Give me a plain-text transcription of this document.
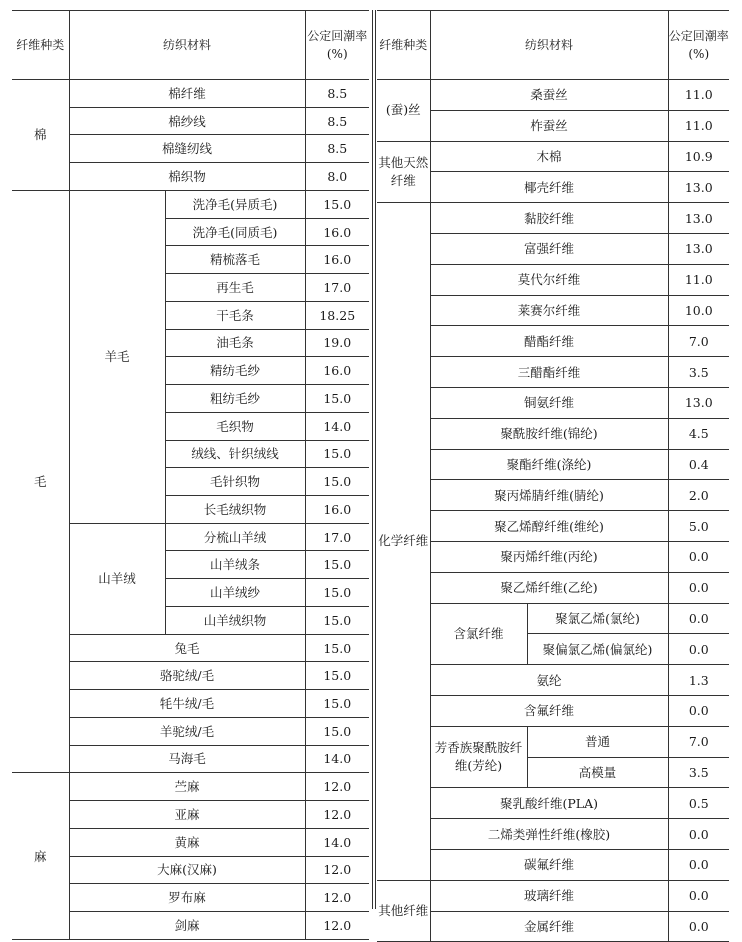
纤维种类	纺织材料		公定回潮率(%)
棉	棉纤维		8.5
	棉纱线		8.5
	棉缝纫线		8.5
	棉织物		8.0
毛	羊毛	洗净毛(异质毛)	15.0
		洗净毛(同质毛)	16.0
		精梳落毛	16.0
		再生毛	17.0
		干毛条	18.25
		油毛条	19.0
		精纺毛纱	16.0
		粗纺毛纱	15.0
		毛织物	14.0
		绒线、针织绒线	15.0
		毛针织物	15.0
		长毛绒织物	16.0
	山羊绒	分梳山羊绒	17.0
		山羊绒条	15.0
		山羊绒纱	15.0
		山羊绒织物	15.0
	兔毛		15.0
	骆驼绒/毛		15.0
	牦牛绒/毛		15.0
	羊驼绒/毛		15.0
	马海毛		14.0
麻	苎麻		12.0
	亚麻		12.0
	黄麻		14.0
	大麻(汉麻)		12.0
	罗布麻		12.0
	剑麻		12.0
纤维种类	纺织材料		公定回潮率(%)
(蚕)丝	桑蚕丝		11.0
	柞蚕丝		11.0
其他天然纤维	木棉		10.9
	椰壳纤维		13.0
化学纤维	黏胶纤维		13.0
	富强纤维		13.0
	莫代尔纤维		11.0
	莱赛尔纤维		10.0
	醋酯纤维		7.0
	三醋酯纤维		3.5
	铜氨纤维		13.0
	聚酰胺纤维(锦纶)		4.5
	聚酯纤维(涤纶)		0.4
	聚丙烯腈纤维(腈纶)		2.0
	聚乙烯醇纤维(维纶)		5.0
	聚丙烯纤维(丙纶)		0.0
	聚乙烯纤维(乙纶)		0.0
	含氯纤维	聚氯乙烯(氯纶)	0.0
		聚偏氯乙烯(偏氯纶)	0.0
	氨纶		1.3
	含氟纤维		0.0
	芳香族聚酰胺纤维(芳纶)	普通	7.0
		高模量	3.5
	聚乳酸纤维(PLA)		0.5
	二烯类弹性纤维(橡胶)		0.0
	碳氟纤维		0.0
其他纤维	玻璃纤维		0.0
	金属纤维		0.0
